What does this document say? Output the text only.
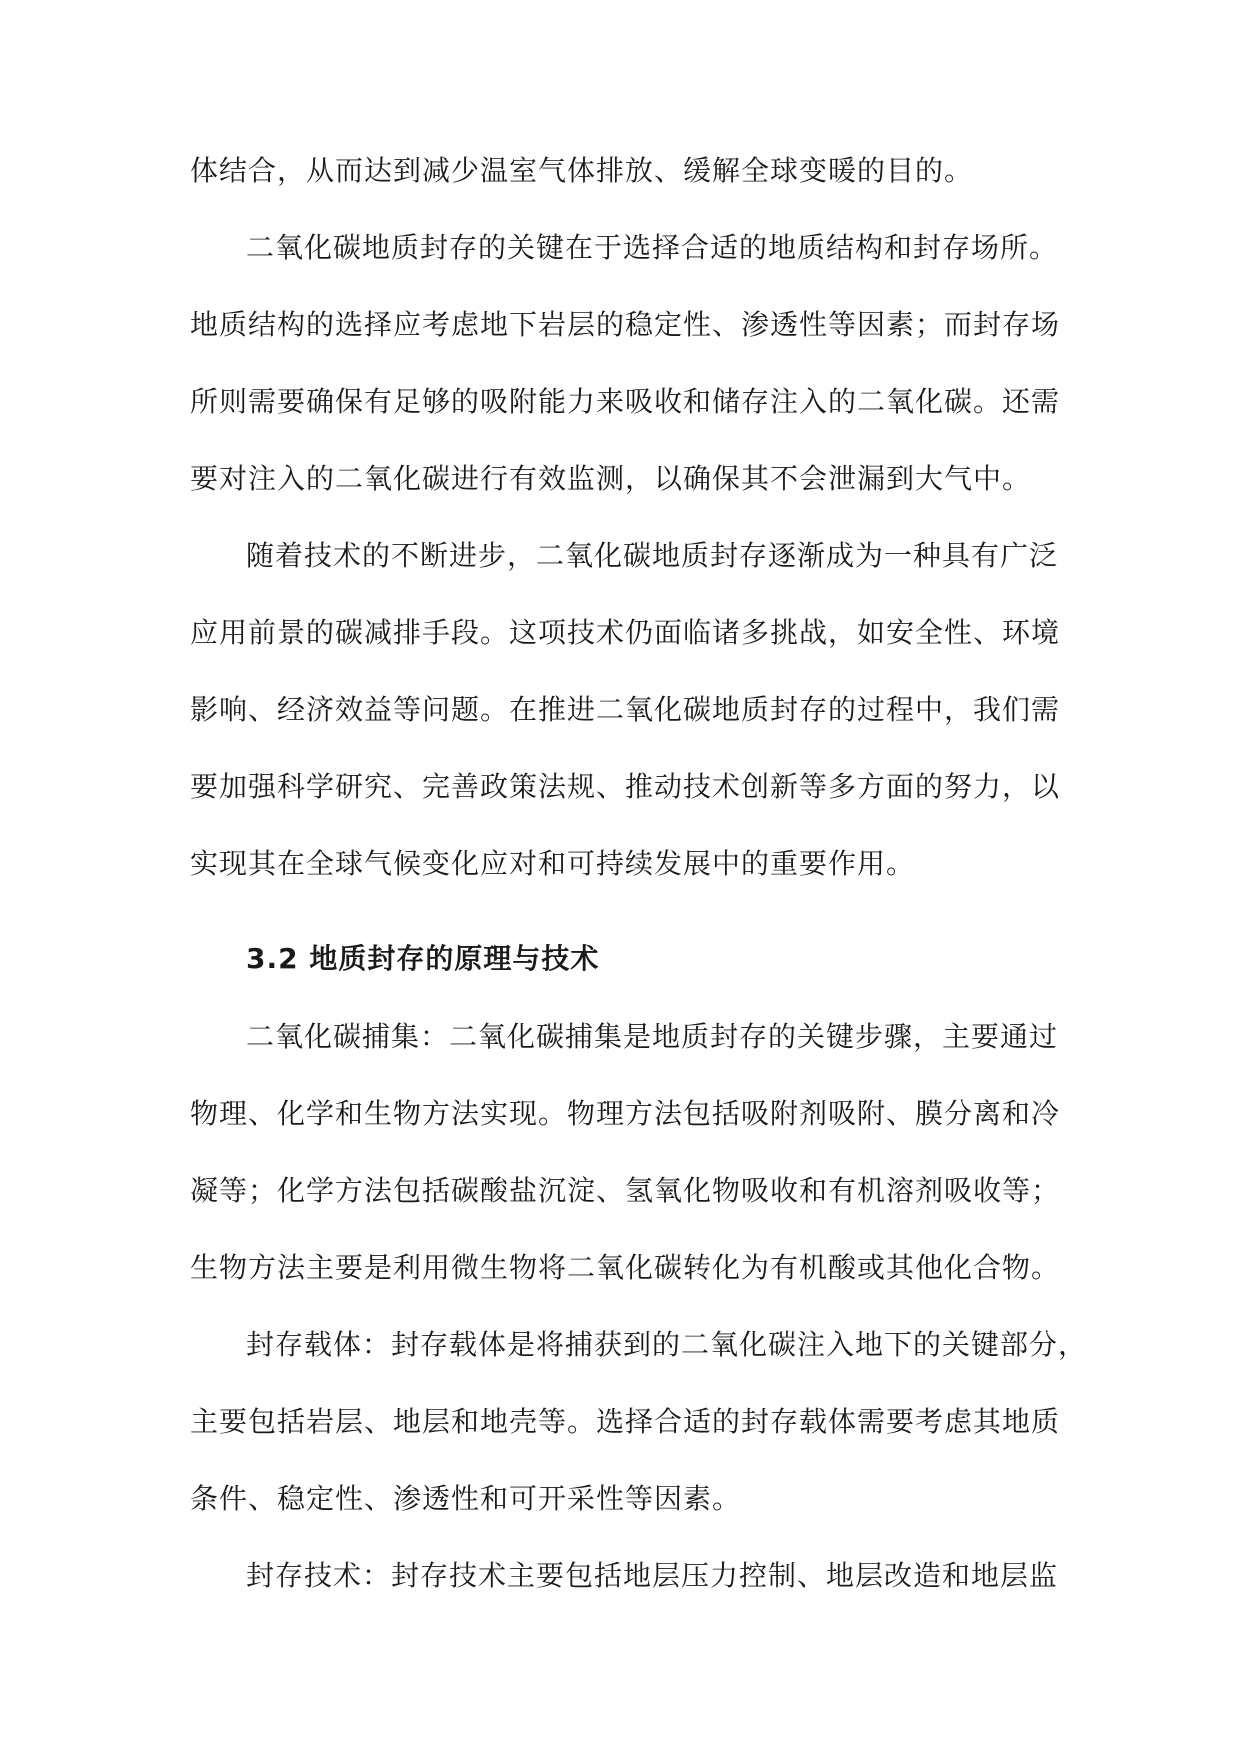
体结合，从而达到减少温室气体排放、缓解全球变暖的目的。
二氧化碳地质封存的关键在于选择合适的地质结构和封存场所。
地质结构的选择应考虑地下岩层的稳定性、渗透性等因素；而封存场
所则需要确保有足够的吸附能力来吸收和储存注入的二氧化碳。还需
要对注入的二氧化碳进行有效监测，以确保其不会泄漏到大气中。
随着技术的不断进步，二氧化碳地质封存逐渐成为一种具有广泛
应用前景的碳减排手段。这项技术仍面临诸多挑战，如安全性、环境
影响、经济效益等问题。在推进二氧化碳地质封存的过程中，我们需
要加强科学研究、完善政策法规、推动技术创新等多方面的努力，以
实现其在全球气候变化应对和可持续发展中的重要作用。
3.2 地质封存的原理与技术
二氧化碳捕集：二氧化碳捕集是地质封存的关键步骤，主要通过
物理、化学和生物方法实现。物理方法包括吸附剂吸附、膜分离和冷
凝等；化学方法包括碳酸盐沉淀、氢氧化物吸收和有机溶剂吸收等；
生物方法主要是利用微生物将二氧化碳转化为有机酸或其他化合物。
封存载体：封存载体是将捕获到的二氧化碳注入地下的关键部分，
主要包括岩层、地层和地壳等。选择合适的封存载体需要考虑其地质
条件、稳定性、渗透性和可开采性等因素。
封存技术：封存技术主要包括地层压力控制、地层改造和地层监
